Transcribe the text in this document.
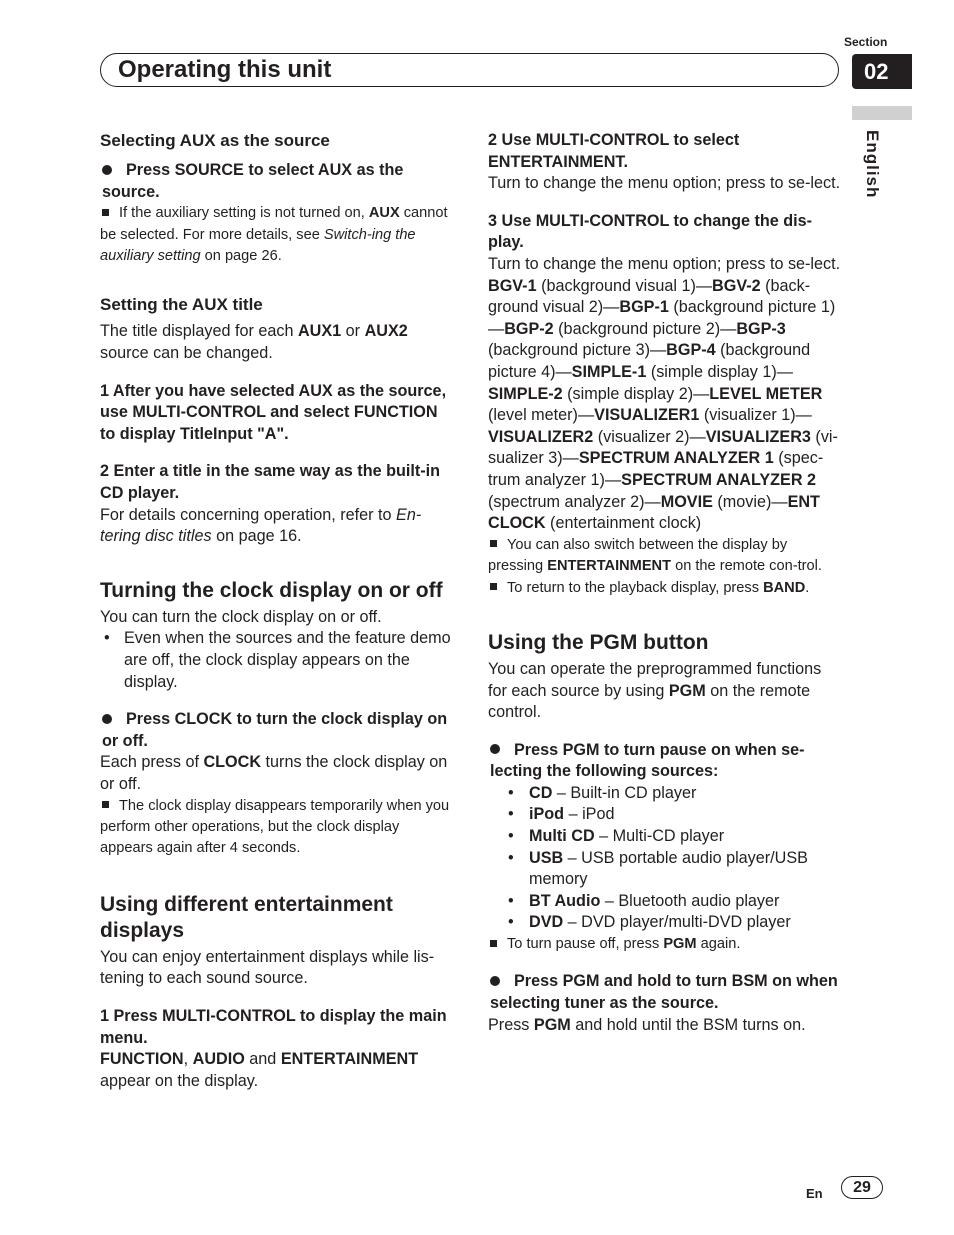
Section
Operating this unit	02
English

Selecting AUX as the source

Press SOURCE to select AUX as the source.

If the auxiliary setting is not turned on, AUX cannot be selected. For more details, see Switch-ing the auxiliary setting on page 26.

Setting the AUX title

The title displayed for each AUX1 or AUX2 source can be changed.

1 After you have selected AUX as the source, use MULTI-CONTROL and select FUNCTION to display TitleInput "A".

2 Enter a title in the same way as the built-in CD player.

For details concerning operation, refer to En-tering disc titles on page 16.

Turning the clock display on or off

You can turn the clock display on or off.

• Even when the sources and the feature demo are off, the clock display appears on the display.

Press CLOCK to turn the clock display on or off.

Each press of CLOCK turns the clock display on or off.

The clock display disappears temporarily when you perform other operations, but the clock display appears again after 4 seconds.

Using different entertainment displays

You can enjoy entertainment displays while lis-tening to each sound source.

1 Press MULTI-CONTROL to display the main menu.

FUNCTION, AUDIO and ENTERTAINMENT appear on the display.

2 Use MULTI-CONTROL to select ENTERTAINMENT.

Turn to change the menu option; press to se-lect.

3 Use MULTI-CONTROL to change the dis-play.

Turn to change the menu option; press to se-lect.

BGV-1 (background visual 1)—BGV-2 (back-ground visual 2)—BGP-1 (background picture 1)—BGP-2 (background picture 2)—BGP-3 (background picture 3)—BGP-4 (background picture 4)—SIMPLE-1 (simple display 1)—SIMPLE-2 (simple display 2)—LEVEL METER (level meter)—VISUALIZER1 (visualizer 1)—VISUALIZER2 (visualizer 2)—VISUALIZER3 (vi-sualizer 3)—SPECTRUM ANALYZER 1 (spec-trum analyzer 1)—SPECTRUM ANALYZER 2 (spectrum analyzer 2)—MOVIE (movie)—ENT CLOCK (entertainment clock)

You can also switch between the display by pressing ENTERTAINMENT on the remote con-trol.

To return to the playback display, press BAND.

Using the PGM button

You can operate the preprogrammed functions for each source by using PGM on the remote control.

Press PGM to turn pause on when se-lecting the following sources:

• CD – Built-in CD player

• iPod – iPod

• Multi CD – Multi-CD player

• USB – USB portable audio player/USB memory

• BT Audio – Bluetooth audio player

• DVD – DVD player/multi-DVD player

To turn pause off, press PGM again.

Press PGM and hold to turn BSM on when selecting tuner as the source.

Press PGM and hold until the BSM turns on.

En	29
